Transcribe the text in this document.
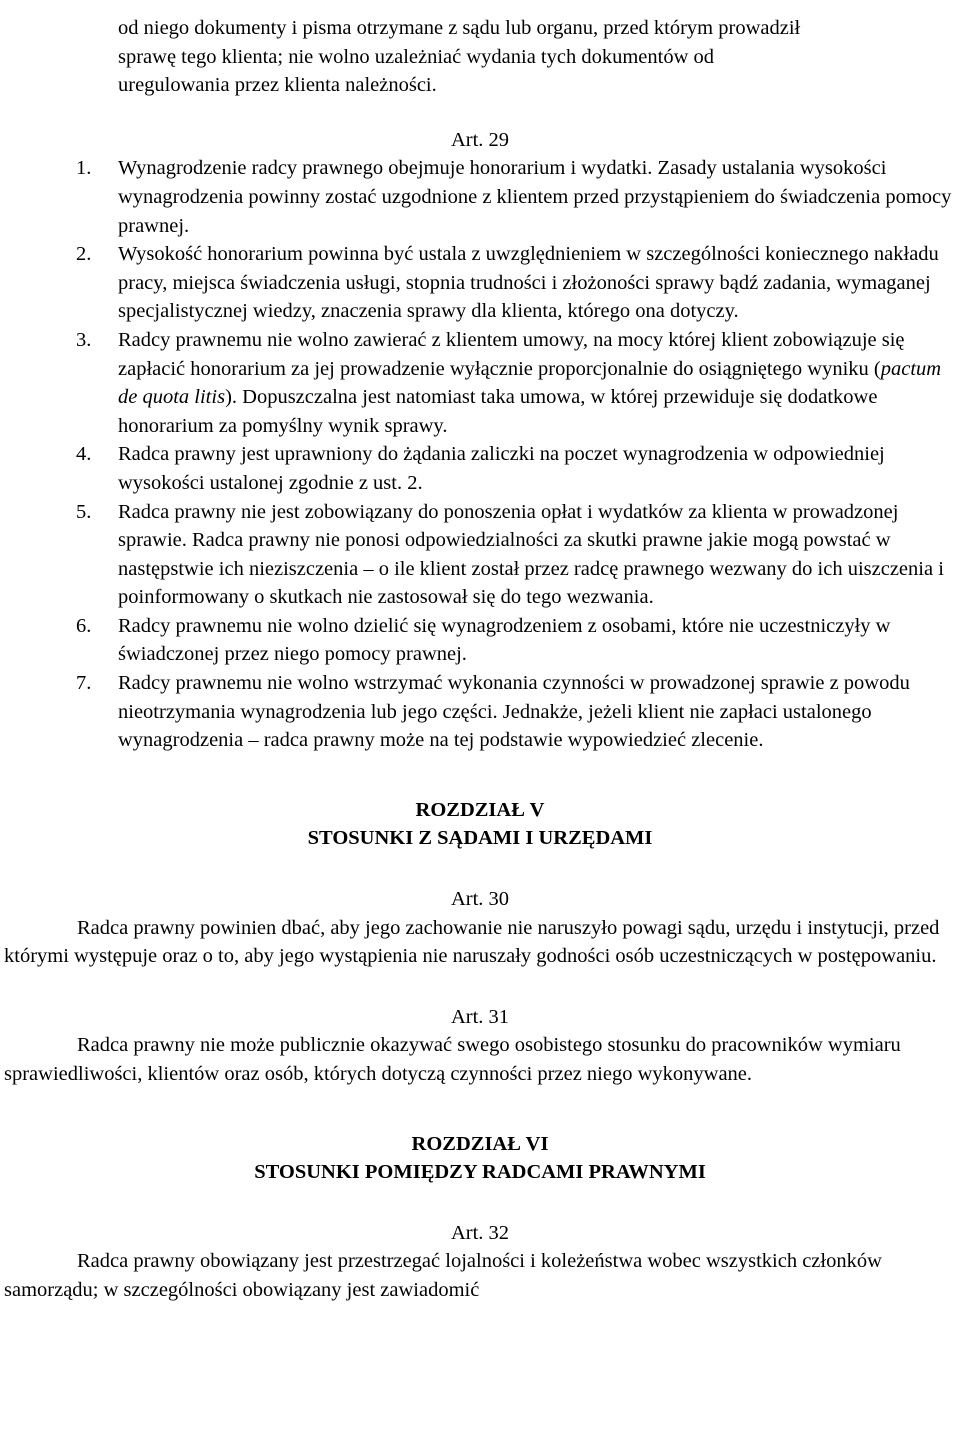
od niego dokumenty i pisma otrzymane z sądu lub organu, przed którym prowadził
sprawę tego klienta; nie wolno uzależniać wydania tych dokumentów od
uregulowania przez klienta należności.
Art. 29
1. Wynagrodzenie radcy prawnego obejmuje honorarium i wydatki. Zasady ustalania wysokości wynagrodzenia powinny zostać uzgodnione z klientem przed przystąpieniem do świadczenia pomocy prawnej.
2. Wysokość honorarium powinna być ustala z uwzględnieniem w szczególności koniecznego nakładu pracy, miejsca świadczenia usługi, stopnia trudności i złożoności sprawy bądź zadania, wymaganej specjalistycznej wiedzy, znaczenia sprawy dla klienta, którego ona dotyczy.
3. Radcy prawnemu nie wolno zawierać z klientem umowy, na mocy której klient zobowiązuje się zapłacić honorarium za jej prowadzenie wyłącznie proporcjonalnie do osiągniętego wyniku (pactum de quota litis). Dopuszczalna jest natomiast taka umowa, w której przewiduje się dodatkowe honorarium za pomyślny wynik sprawy.
4. Radca prawny jest uprawniony do żądania zaliczki na poczet wynagrodzenia w odpowiedniej wysokości ustalonej zgodnie z ust. 2.
5. Radca prawny nie jest zobowiązany do ponoszenia opłat i wydatków za klienta w prowadzonej sprawie. Radca prawny nie ponosi odpowiedzialności za skutki prawne jakie mogą powstać w następstwie ich nieziszczenia – o ile klient został przez radcę prawnego wezwany do ich uiszczenia i poinformowany o skutkach nie zastosował się do tego wezwania.
6. Radcy prawnemu nie wolno dzielić się wynagrodzeniem z osobami, które nie uczestniczyły w świadczonej przez niego pomocy prawnej.
7. Radcy prawnemu nie wolno wstrzymać wykonania czynności w prowadzonej sprawie z powodu nieotrzymania wynagrodzenia lub jego części. Jednakże, jeżeli klient nie zapłaci ustalonego wynagrodzenia – radca prawny może na tej podstawie wypowiedzieć zlecenie.
ROZDZIAŁ V
STOSUNKI Z SĄDAMI I URZĘDAMI
Art. 30

Radca prawny powinien dbać, aby jego zachowanie nie naruszyło powagi sądu, urzędu i instytucji, przed którymi występuje oraz o to, aby jego wystąpienia nie naruszały godności osób uczestniczących w postępowaniu.

Art. 31

Radca prawny nie może publicznie okazywać swego osobistego stosunku do pracowników wymiaru sprawiedliwości, klientów oraz osób, których dotyczą czynności przez niego wykonywane.

ROZDZIAŁ VI
STOSUNKI POMIĘDZY RADCAMI PRAWNYMI
Art. 32

Radca prawny obowiązany jest przestrzegać lojalności i koleżeństwa wobec wszystkich członków samorządu; w szczególności obowiązany jest zawiadomić
